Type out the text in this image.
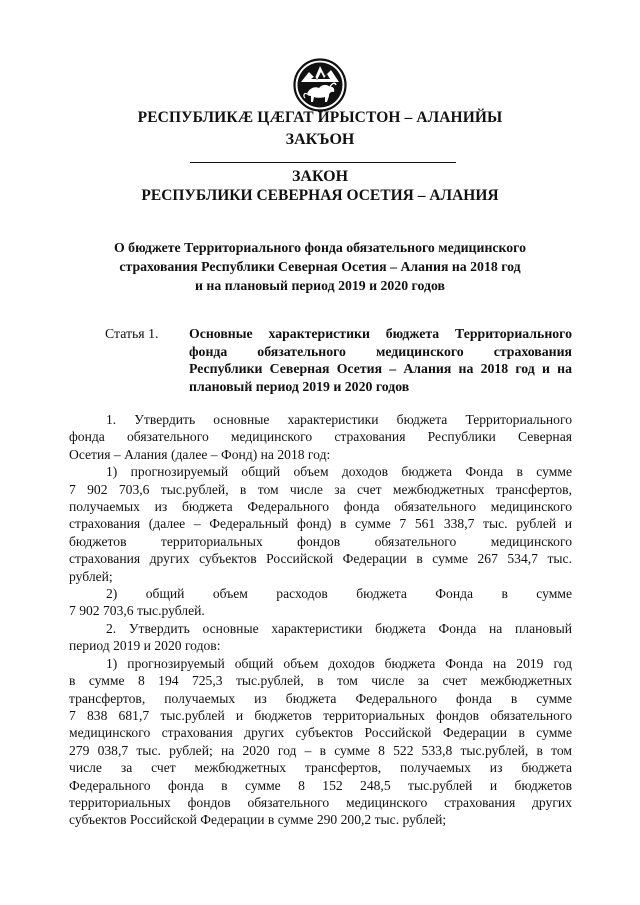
РЕСПУБЛИКӔ ЦӔГАТ ИРЫСТОН – АЛАНИЙЫ
ЗАКЪОН
ЗАКОН
РЕСПУБЛИКИ СЕВЕРНАЯ ОСЕТИЯ – АЛАНИЯ
О бюджете Территориального фонда обязательного медицинского
страхования Республики Северная Осетия – Алания на 2018 год
и на плановый период 2019 и 2020 годов
Статья 1. Основные характеристики бюджета Территориального
фонда обязательного медицинского страхования
Республики Северная Осетия – Алания на 2018 год и на
плановый период 2019 и 2020 годов
1. Утвердить основные характеристики бюджета Территориального
фонда обязательного медицинского страхования Республики Северная
Осетия – Алания (далее – Фонд) на 2018 год:
1) прогнозируемый общий объем доходов бюджета Фонда в сумме
7 902 703,6 тыс.рублей, в том числе за счет межбюджетных трансфертов,
получаемых из бюджета Федерального фонда обязательного медицинского
страхования (далее – Федеральный фонд) в сумме 7 561 338,7 тыс. рублей и
бюджетов территориальных фондов обязательного медицинского
страхования других субъектов Российской Федерации в сумме 267 534,7 тыс.
рублей;
2) общий объем расходов бюджета Фонда в сумме
7 902 703,6 тыс.рублей.
2. Утвердить основные характеристики бюджета Фонда на плановый
период 2019 и 2020 годов:
1) прогнозируемый общий объем доходов бюджета Фонда на 2019 год
в сумме 8 194 725,3 тыс.рублей, в том числе за счет межбюджетных
трансфертов, получаемых из бюджета Федерального фонда в сумме
7 838 681,7 тыс.рублей и бюджетов территориальных фондов обязательного
медицинского страхования других субъектов Российской Федерации в сумме
279 038,7 тыс. рублей; на 2020 год – в сумме 8 522 533,8 тыс.рублей, в том
числе за счет межбюджетных трансфертов, получаемых из бюджета
Федерального фонда в сумме 8 152 248,5 тыс.рублей и бюджетов
территориальных фондов обязательного медицинского страхования других
субъектов Российской Федерации в сумме 290 200,2 тыс. рублей;
